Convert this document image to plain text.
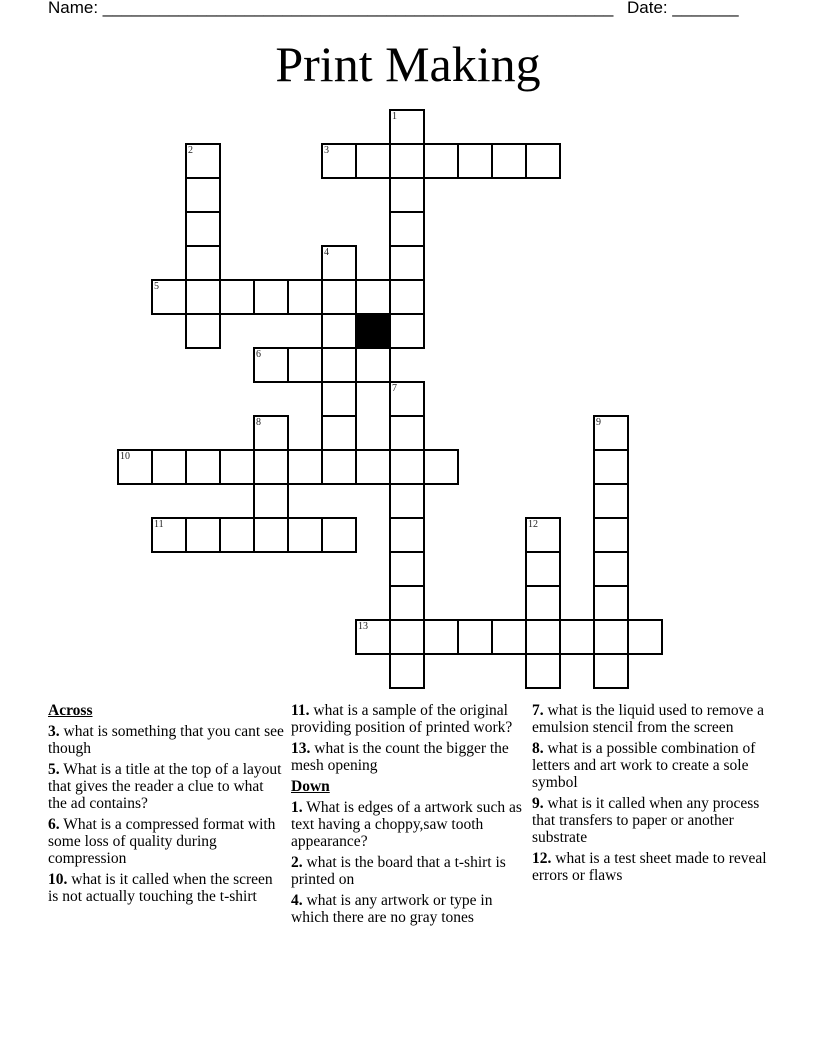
Name: ______________________________________________________ Date: _______
Print Making
1
2	3
4
5
6
7
8	9
10
11	12
13
Across
3. what is something that you cant see though
5. What is a title at the top of a layout that gives the reader a clue to what the ad contains?
6. What is a compressed format with some loss of quality during compression
10. what is it called when the screen is not actually touching the t-shirt
11. what is a sample of the original providing position of printed work?
13. what is the count the bigger the mesh opening
Down
1. What is edges of a artwork such as text having a choppy,saw tooth appearance?
2. what is the board that a t-shirt is printed on
4. what is any artwork or type in which there are no gray tones
7. what is the liquid used to remove a emulsion stencil from the screen
8. what is a possible combination of letters and art work to create a sole symbol
9. what is it called when any process that transfers to paper or another substrate
12. what is a test sheet made to reveal errors or flaws
